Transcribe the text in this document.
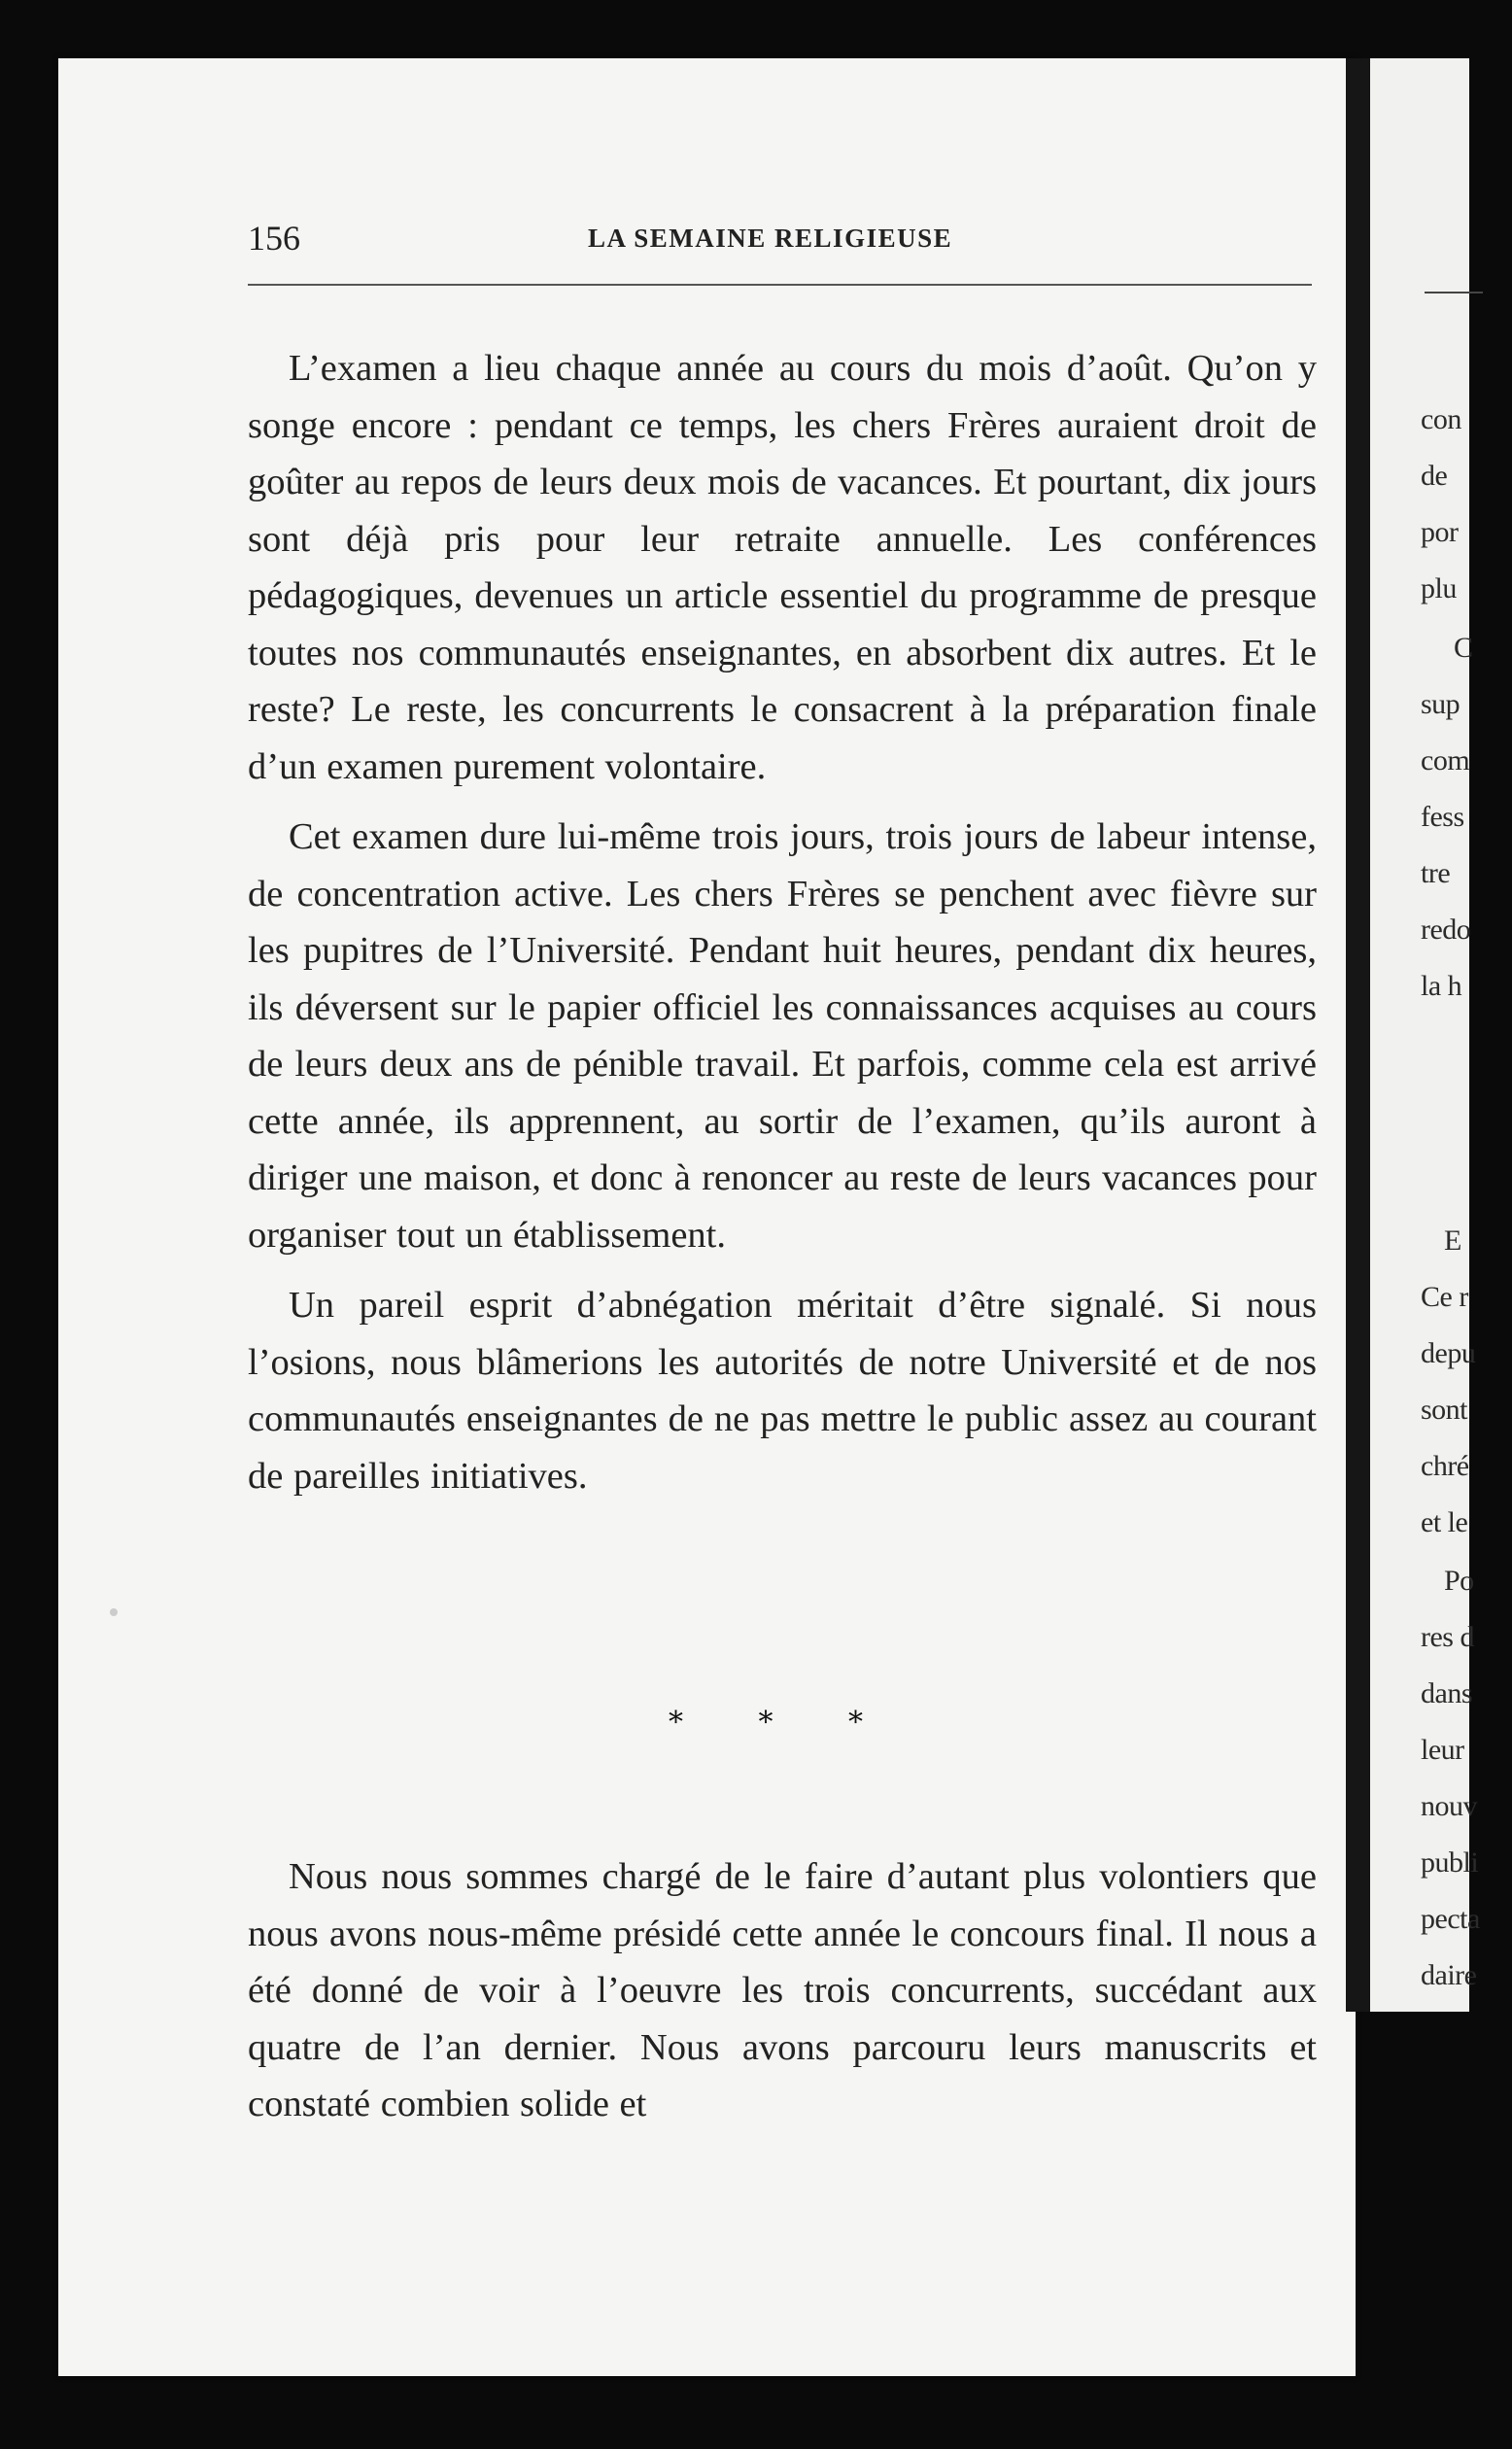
con
de
por
plu
C
sup
com
fess
tre
redo
la h
E
Ce r
depu
sont
chré
et le
Po
res d
dans
leur
nouv
publi
pecta
daire
156	LA SEMAINE RELIGIEUSE

L’examen a lieu chaque année au cours du mois d’août. Qu’on y songe encore : pendant ce temps, les chers Frères auraient droit de goûter au repos de leurs deux mois de vacances. Et pourtant, dix jours sont déjà pris pour leur retraite annuelle. Les conférences pédagogiques, devenues un article essentiel du programme de presque toutes nos communautés enseignantes, en absorbent dix autres. Et le reste? Le reste, les concurrents le consacrent à la préparation finale d’un examen purement volontaire.

Cet examen dure lui-même trois jours, trois jours de labeur intense, de concentration active. Les chers Frères se penchent avec fièvre sur les pupitres de l’Université. Pendant huit heures, pendant dix heures, ils déversent sur le papier officiel les connaissances acquises au cours de leurs deux ans de pénible travail. Et parfois, comme cela est arrivé cette année, ils apprennent, au sortir de l’examen, qu’ils auront à diriger une maison, et donc à renoncer au reste de leurs vacances pour organiser tout un établissement.

Un pareil esprit d’abnégation méritait d’être signalé. Si nous l’osions, nous blâmerions les autorités de notre Université et de nos communautés enseignantes de ne pas mettre le public assez au courant de pareilles initiatives.

* * *

Nous nous sommes chargé de le faire d’autant plus volontiers que nous avons nous-même présidé cette année le concours final. Il nous a été donné de voir à l’oeuvre les trois concurrents, succédant aux quatre de l’an dernier. Nous avons parcouru leurs manuscrits et constaté combien solide et
